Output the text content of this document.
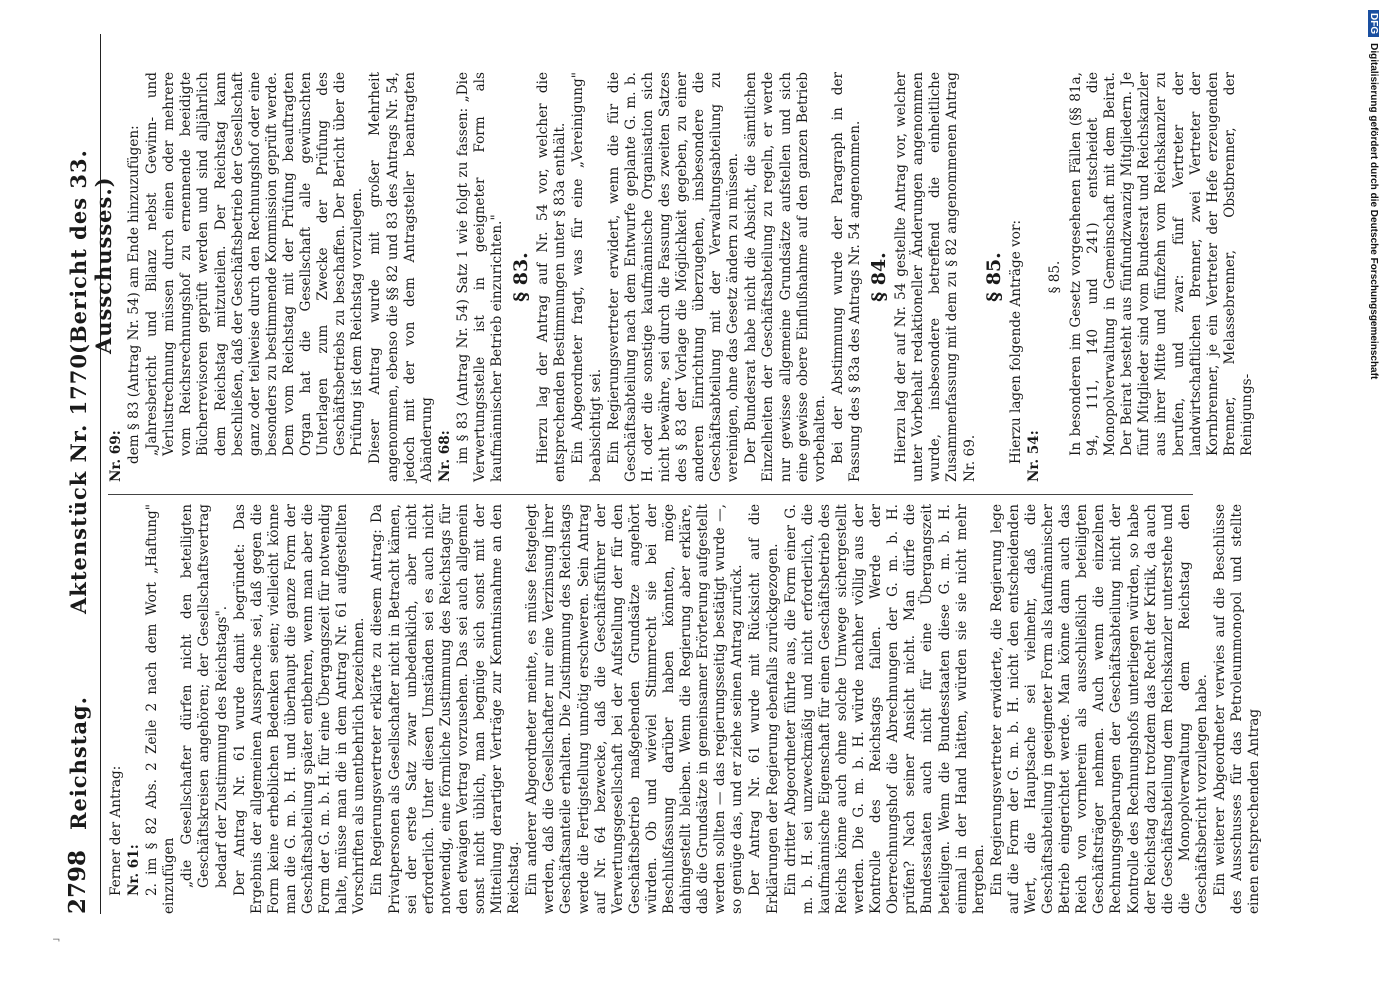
2798
Reichstag.
Aktenstück Nr. 1770.
(Bericht des 33. Ausschusses.)

Ferner der Antrag: Nr. 61: 2. im § 82 Abs. 2 Zeile 2 nach dem Wort „Haftung" einzufügen „die Gesellschafter dürfen nicht den beteiligten Geschäftskreisen angehören; der Gesellschaftsvertrag bedarf der Zustimmung des Reichstags". Der Antrag Nr. 61 wurde damit begründet: Das Ergebnis der allgemeinen Aussprache sei, daß gegen die Form keine erheblichen Bedenken seien; vielleicht könne man die G. m. b. H. und überhaupt die ganze Form der Geschäftsabteilung später entbehren, wenn man aber die Form der G. m. b. H. für eine Übergangszeit für notwendig halte, müsse man die in dem Antrag Nr. 61 aufgestellten Vorschriften als unentbehrlich bezeichnen. Ein Regierungsvertreter erklärte zu diesem Antrag: Da Privatpersonen als Gesellschafter nicht in Betracht kämen, sei der erste Satz zwar unbedenklich, aber nicht erforderlich. Unter diesen Umständen sei es auch nicht notwendig, eine förmliche Zustimmung des Reichstags für den etwaigen Vertrag vorzusehen. Das sei auch allgemein sonst nicht üblich, man begnüge sich sonst mit der Mitteilung derartiger Verträge zur Kenntnisnahme an den Reichstag. Ein anderer Abgeordneter meinte, es müsse festgelegt werden, daß die Gesellschafter nur eine Verzinsung ihrer Geschäftsanteile erhalten. Die Zustimmung des Reichstags werde die Fertigstellung unnötig erschweren. Sein Antrag auf Nr. 64 bezwecke, daß die Geschäftsführer der Verwertungsgesellschaft bei der Aufstellung der für den Geschäftsbetrieb maßgebenden Grundsätze angehört würden. Ob und wieviel Stimmrecht sie bei der Beschlußfassung darüber haben könnten, möge dahingestellt bleiben. Wenn die Regierung aber erkläre, daß die Grundsätze in gemeinsamer Erörterung aufgestellt werden sollten — das regierungsseitig bestätigt wurde —, so genüge das, und er ziehe seinen Antrag zurück. Der Antrag Nr. 61 wurde mit Rücksicht auf die Erklärungen der Regierung ebenfalls zurückgezogen. Ein dritter Abgeordneter führte aus, die Form einer G. m. b. H. sei unzweckmäßig und nicht erforderlich, die kaufmännische Eigenschaft für einen Geschäftsbetrieb des Reichs könne auch ohne solche Umwege sichergestellt werden. Die G. m. b. H. würde nachher völlig aus der Kontrolle des Reichstags fallen. Werde der Oberrechnungshof die Abrechnungen der G. m. b. H. prüfen? Nach seiner Ansicht nicht. Man dürfe die Bundesstaaten auch nicht für eine Übergangszeit beteiligen. Wenn die Bundesstaaten diese G. m. b. H. einmal in der Hand hätten, würden sie sie nicht mehr hergeben. Ein Regierungsvertreter erwiderte, die Regierung lege auf die Form der G. m. b. H. nicht den entscheidenden Wert, die Hauptsache sei vielmehr, daß die Geschäftsabteilung in geeigneter Form als kaufmännischer Betrieb eingerichtet werde. Man könne dann auch das Reich von vornherein als ausschließlich beteiligten Geschäftsträger nehmen. Auch wenn die einzelnen Rechnungsgebarungen der Geschäftsabteilung nicht der Kontrolle des Rechnungshofs unterliegen würden, so habe der Reichstag dazu trotzdem das Recht der Kritik, da auch die Geschäftsabteilung dem Reichskanzler unterstehe und die Monopolverwaltung dem Reichstag den Geschäftsbericht vorzulegen habe. Ein weiterer Abgeordneter verwies auf die Beschlüsse des Ausschusses für das Petroleummonopol und stellte einen entsprechenden Antrag

Nr. 69: dem § 83 (Antrag Nr. 54) am Ende hinzuzufügen: „Jahresbericht und Bilanz nebst Gewinn- und Verlustrechnung müssen durch einen oder mehrere vom Reichsrechnungshof zu ernennende beeidigte Bücherrevisoren geprüft werden und sind alljährlich dem Reichstag mitzuteilen. Der Reichstag kann beschließen, daß der Geschäftsbetrieb der Gesellschaft ganz oder teilweise durch den Rechnungshof oder eine besonders zu bestimmende Kommission geprüft werde. Dem vom Reichstag mit der Prüfung beauftragten Organ hat die Gesellschaft alle gewünschten Unterlagen zum Zwecke der Prüfung des Geschäftsbetriebs zu beschaffen. Der Bericht über die Prüfung ist dem Reichstag vorzulegen. Dieser Antrag wurde mit großer Mehrheit angenommen, ebenso die §§ 82 und 83 des Antrags Nr. 54, jedoch mit der von dem Antragsteller beantragten Abänderung Nr. 68: im § 83 (Antrag Nr. 54) Satz 1 wie folgt zu fassen: „Die Verwertungsstelle ist in geeigneter Form als kaufmännischer Betrieb einzurichten." § 83. Hierzu lag der Antrag auf Nr. 54 vor, welcher die entsprechenden Bestimmungen unter § 83a enthält. Ein Abgeordneter fragt, was für eine „Vereinigung" beabsichtigt sei. Ein Regierungsvertreter erwidert, wenn die für die Geschäftsabteilung nach dem Entwurfe geplante G. m. b. H. oder die sonstige kaufmännische Organisation sich nicht bewähre, sei durch die Fassung des zweiten Satzes des § 83 der Vorlage die Möglichkeit gegeben, zu einer anderen Einrichtung überzugehen, insbesondere die Geschäftsabteilung mit der Verwaltungsabteilung zu vereinigen, ohne das Gesetz ändern zu müssen. Der Bundesrat habe nicht die Absicht, die sämtlichen Einzelheiten der Geschäftsabteilung zu regeln, er werde nur gewisse allgemeine Grundsätze aufstellen und sich eine gewisse obere Einflußnahme auf den ganzen Betrieb vorbehalten. Bei der Abstimmung wurde der Paragraph in der Fassung des § 83a des Antrags Nr. 54 angenommen. § 84. Hierzu lag der auf Nr. 54 gestellte Antrag vor, welcher unter Vorbehalt redaktioneller Änderungen angenommen wurde, insbesondere betreffend die einheitliche Zusammenfassung mit dem zu § 82 angenommenen Antrag Nr. 69.

§ 85. Hierzu lagen folgende Anträge vor: Nr. 54:

§ 85. In besonderen im Gesetz vorgesehenen Fällen (§§ 81a, 94, 111, 140 und 241) entscheidet die Monopolverwaltung in Gemeinschaft mit dem Beirat. Der Beirat besteht aus fünfundzwanzig Mitgliedern. Je fünf Mitglieder sind vom Bundesrat und Reichskanzler aus ihrer Mitte und fünfzehn vom Reichskanzler zu berufen, und zwar: fünf Vertreter der landwirtschaftlichen Brenner, zwei Vertreter der Kornbrenner, je ein Vertreter der Hefe erzeugenden Brenner, Melassebrenner, Obstbrenner, der Reinigungs-

¬
DFGDigitalisierung gefördert durch die Deutsche Forschungsgemeinschaft
